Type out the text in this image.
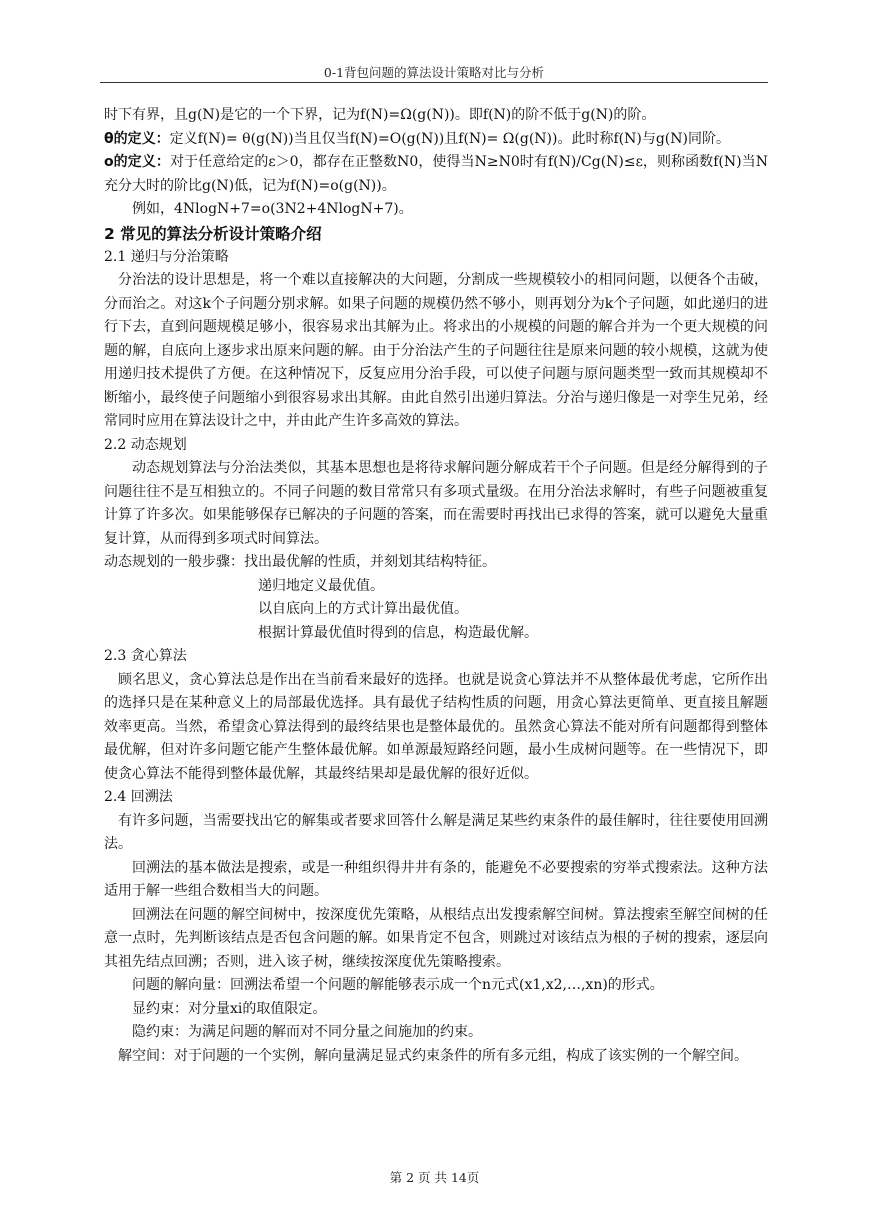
0-1背包问题的算法设计策略对比与分析

时下有界，且g(N)是它的一个下界，记为f(N)=Ω(g(N))。即f(N)的阶不低于g(N)的阶。

θ的定义：定义f(N)= θ(g(N))当且仅当f(N)=O(g(N))且f(N)= Ω(g(N))。此时称f(N)与g(N)同阶。

o的定义：对于任意给定的ε＞0，都存在正整数N0，使得当N≥N0时有f(N)/Cg(N)≤ε，则称函数f(N)当N充分大时的阶比g(N)低，记为f(N)=o(g(N))。

例如，4NlogN+7=o(3N2+4NlogN+7)。

2 常见的算法分析设计策略介绍

2.1 递归与分治策略

分治法的设计思想是，将一个难以直接解决的大问题，分割成一些规模较小的相同问题，以便各个击破，分而治之。对这k个子问题分别求解。如果子问题的规模仍然不够小，则再划分为k个子问题，如此递归的进行下去，直到问题规模足够小，很容易求出其解为止。将求出的小规模的问题的解合并为一个更大规模的问题的解，自底向上逐步求出原来问题的解。由于分治法产生的子问题往往是原来问题的较小规模，这就为使用递归技术提供了方便。在这种情况下，反复应用分治手段，可以使子问题与原问题类型一致而其规模却不断缩小，最终使子问题缩小到很容易求出其解。由此自然引出递归算法。分治与递归像是一对孪生兄弟，经常同时应用在算法设计之中，并由此产生许多高效的算法。

2.2 动态规划

动态规划算法与分治法类似，其基本思想也是将待求解问题分解成若干个子问题。但是经分解得到的子问题往往不是互相独立的。不同子问题的数目常常只有多项式量级。在用分治法求解时，有些子问题被重复计算了许多次。如果能够保存已解决的子问题的答案，而在需要时再找出已求得的答案，就可以避免大量重复计算，从而得到多项式时间算法。

动态规划的一般步骤：找出最优解的性质，并刻划其结构特征。

递归地定义最优值。

以自底向上的方式计算出最优值。

根据计算最优值时得到的信息，构造最优解。

2.3 贪心算法

顾名思义，贪心算法总是作出在当前看来最好的选择。也就是说贪心算法并不从整体最优考虑，它所作出的选择只是在某种意义上的局部最优选择。具有最优子结构性质的问题，用贪心算法更简单、更直接且解题效率更高。当然，希望贪心算法得到的最终结果也是整体最优的。虽然贪心算法不能对所有问题都得到整体最优解，但对许多问题它能产生整体最优解。如单源最短路经问题，最小生成树问题等。在一些情况下，即使贪心算法不能得到整体最优解，其最终结果却是最优解的很好近似。

2.4 回溯法

有许多问题，当需要找出它的解集或者要求回答什么解是满足某些约束条件的最佳解时，往往要使用回溯法。

回溯法的基本做法是搜索，或是一种组织得井井有条的，能避免不必要搜索的穷举式搜索法。这种方法适用于解一些组合数相当大的问题。

回溯法在问题的解空间树中，按深度优先策略，从根结点出发搜索解空间树。算法搜索至解空间树的任意一点时，先判断该结点是否包含问题的解。如果肯定不包含，则跳过对该结点为根的子树的搜索，逐层向其祖先结点回溯；否则，进入该子树，继续按深度优先策略搜索。

问题的解向量：回溯法希望一个问题的解能够表示成一个n元式(x1,x2,…,xn)的形式。

显约束：对分量xi的取值限定。

隐约束：为满足问题的解而对不同分量之间施加的约束。

解空间：对于问题的一个实例，解向量满足显式约束条件的所有多元组，构成了该实例的一个解空间。

第 2 页 共 14页
